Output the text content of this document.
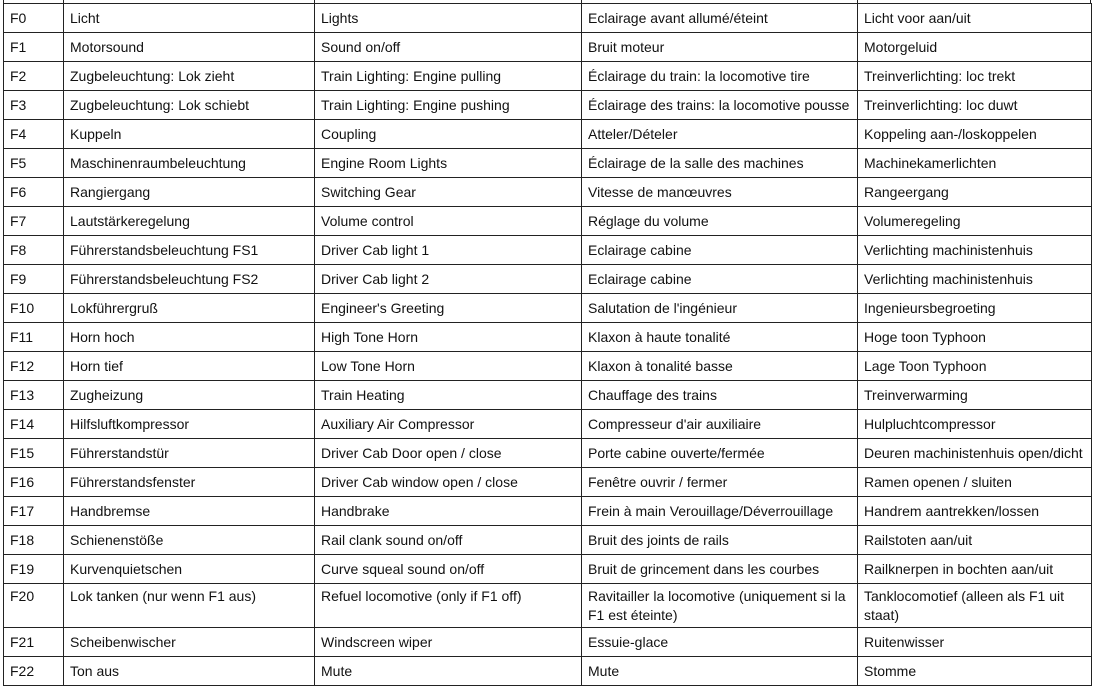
F0	Licht	Lights	Eclairage avant allumé/éteint	Licht voor aan/uit
F1	Motorsound	Sound on/off	Bruit moteur	Motorgeluid
F2	Zugbeleuchtung: Lok zieht	Train Lighting: Engine pulling	Éclairage du train: la locomotive tire	Treinverlichting: loc trekt
F3	Zugbeleuchtung: Lok schiebt	Train Lighting: Engine pushing	Éclairage des trains: la locomotive pousse	Treinverlichting: loc duwt
F4	Kuppeln	Coupling	Atteler/Dételer	Koppeling aan-/loskoppelen
F5	Maschinenraumbeleuchtung	Engine Room Lights	Éclairage de la salle des machines	Machinekamerlichten
F6	Rangiergang	Switching Gear	Vitesse de manœuvres	Rangeergang
F7	Lautstärkeregelung	Volume control	Réglage du volume	Volumeregeling
F8	Führerstandsbeleuchtung FS1	Driver Cab light 1	Eclairage cabine	Verlichting machinistenhuis
F9	Führerstandsbeleuchtung FS2	Driver Cab light 2	Eclairage cabine	Verlichting machinistenhuis
F10	Lokführergruß	Engineer's Greeting	Salutation de l'ingénieur	Ingenieursbegroeting
F11	Horn hoch	High Tone Horn	Klaxon à haute tonalité	Hoge toon Typhoon
F12	Horn tief	Low Tone Horn	Klaxon à tonalité basse	Lage Toon Typhoon
F13	Zugheizung	Train Heating	Chauffage des trains	Treinverwarming
F14	Hilfsluftkompressor	Auxiliary Air Compressor	Compresseur d'air auxiliaire	Hulpluchtcompressor
F15	Führerstandstür	Driver Cab Door open / close	Porte cabine ouverte/fermée	Deuren machinistenhuis open/dicht
F16	Führerstandsfenster	Driver Cab window open / close	Fenêtre ouvrir / fermer	Ramen openen / sluiten
F17	Handbremse	Handbrake	Frein à main Verouillage/Déverrouillage	Handrem aantrekken/lossen
F18	Schienenstöße	Rail clank sound on/off	Bruit des joints de rails	Railstoten aan/uit
F19	Kurvenquietschen	Curve squeal sound on/off	Bruit de grincement dans les courbes	Railknerpen in bochten aan/uit
F20	Lok tanken (nur wenn F1 aus)	Refuel locomotive (only if F1 off)	Ravitailler la locomotive (uniquement si la F1 est éteinte)	Tanklocomotief (alleen als F1 uit staat)
F21	Scheibenwischer	Windscreen wiper	Essuie-glace	Ruitenwisser
F22	Ton aus	Mute	Mute	Stomme
